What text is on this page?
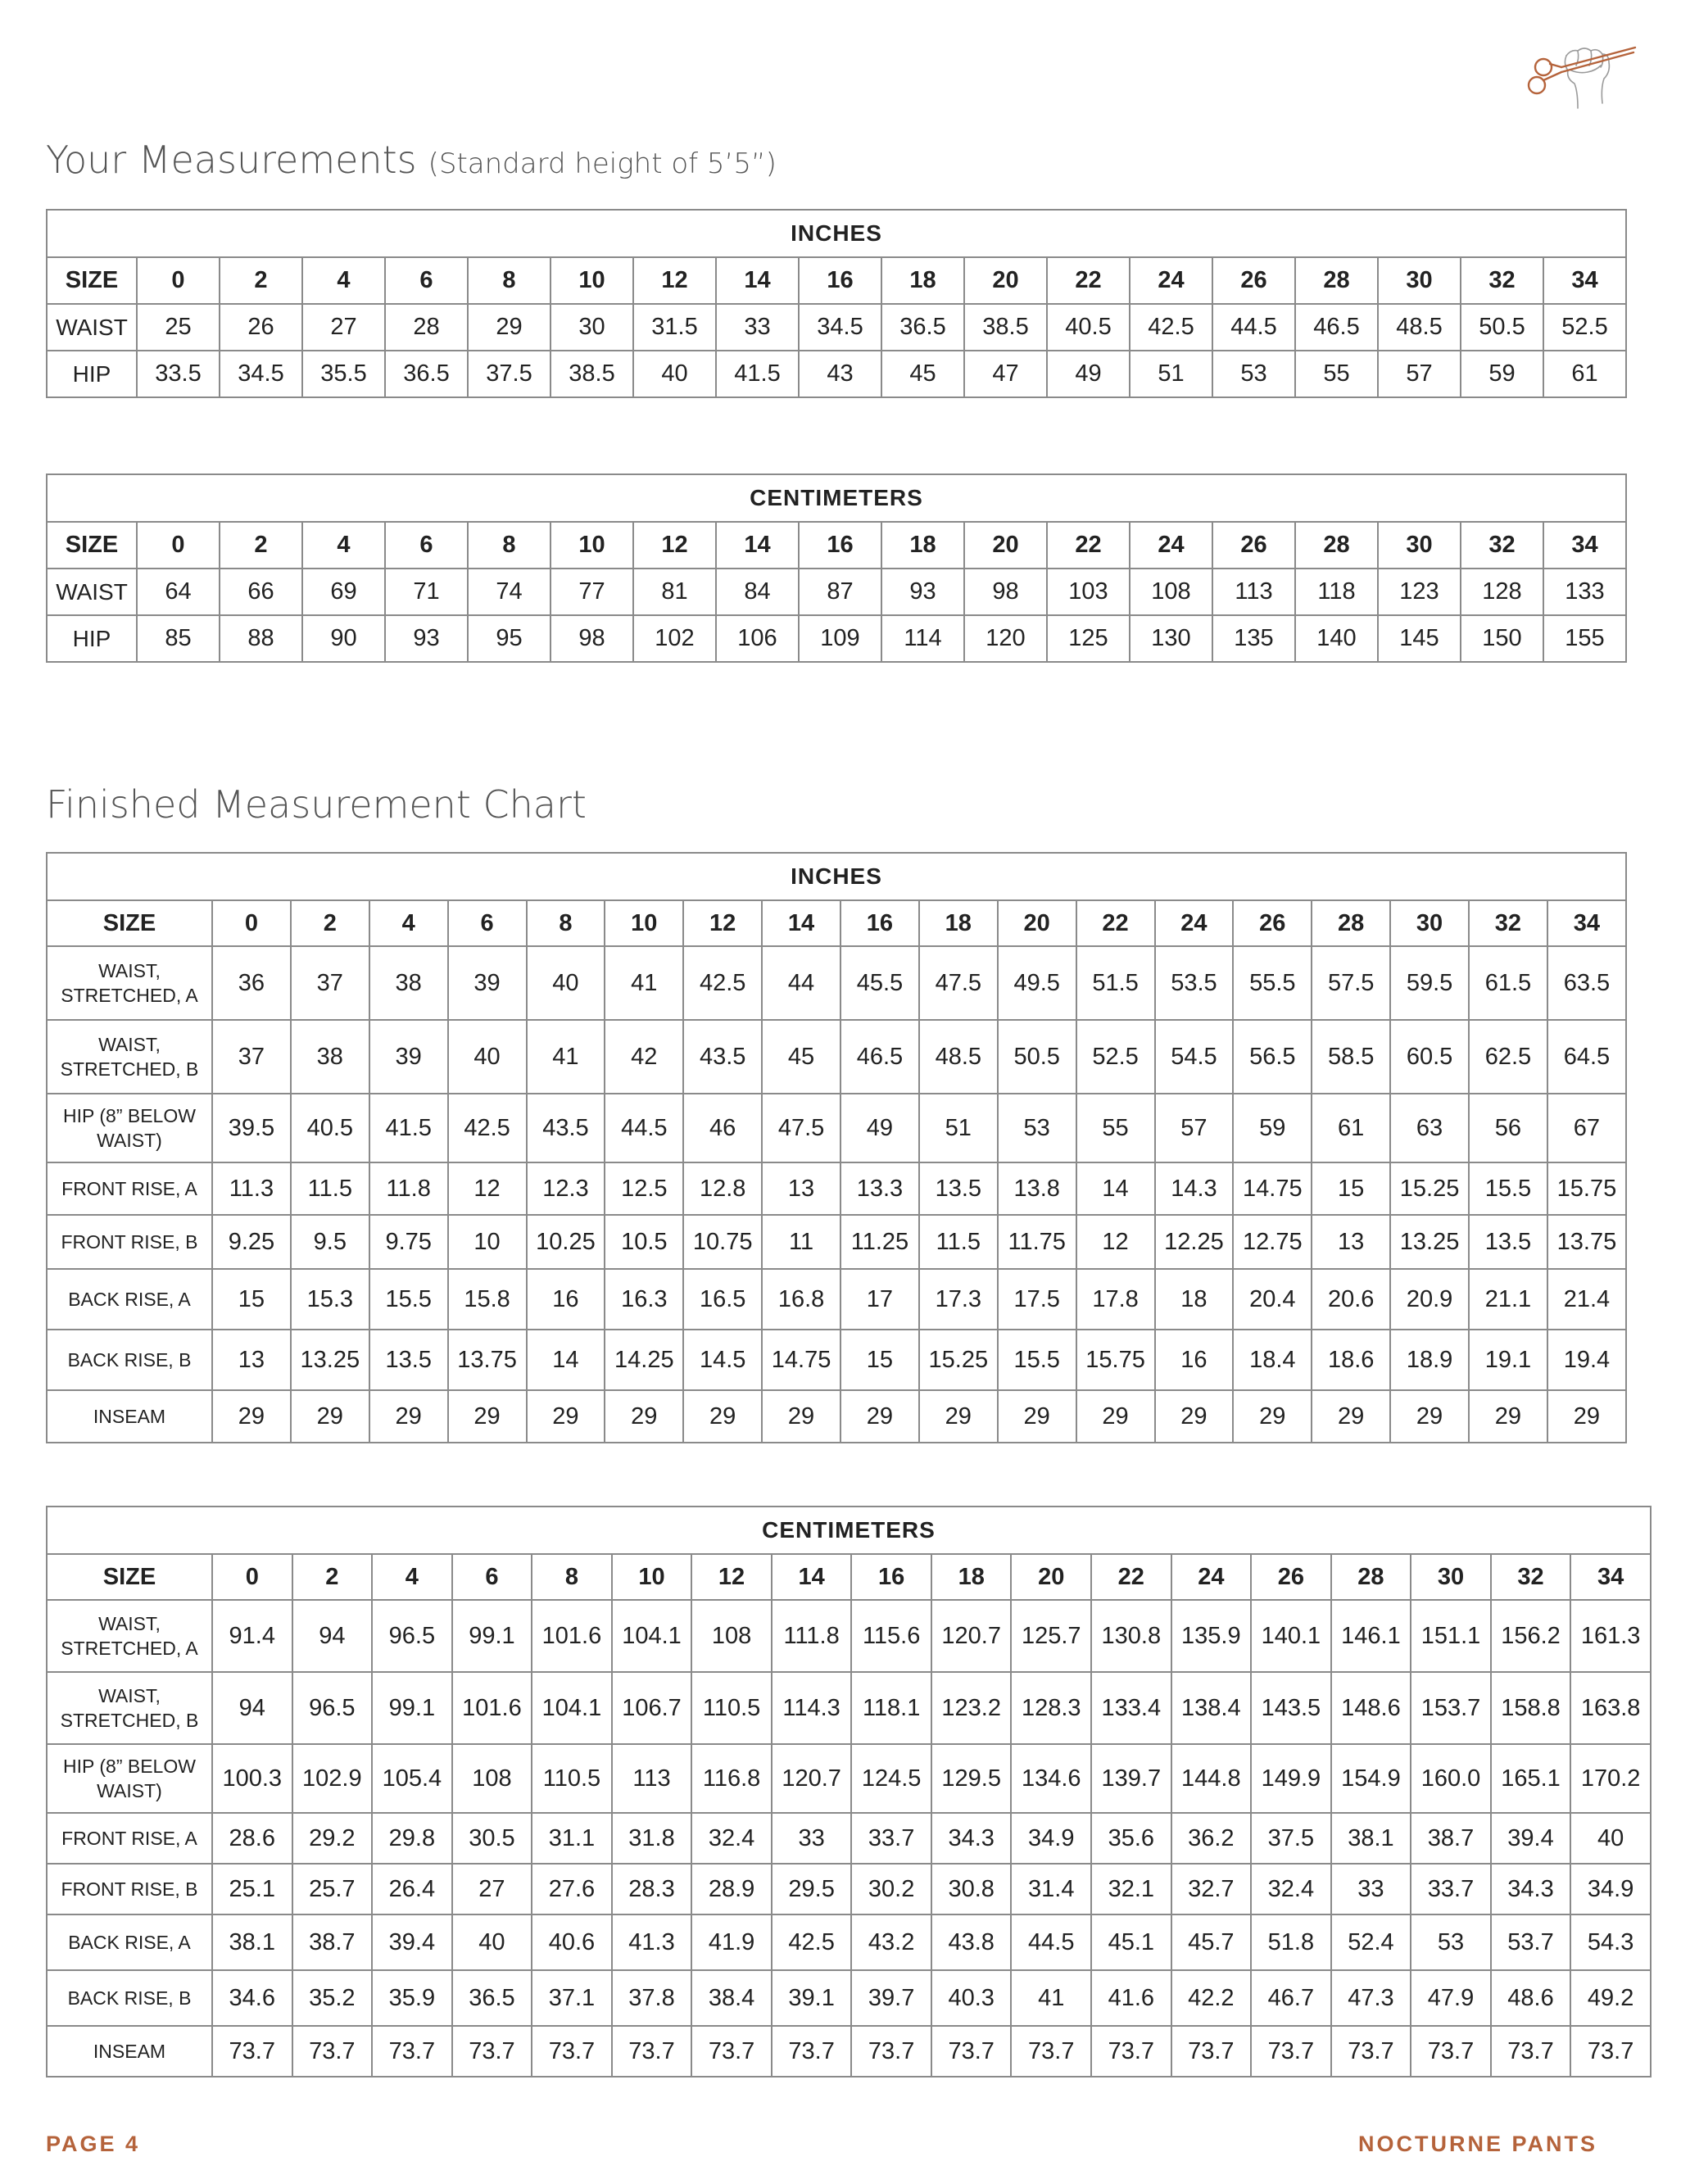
Your Measurements (Standard height of 5’5”)
INCHES																		
SIZE	0	2	4	6	8	10	12	14	16	18	20	22	24	26	28	30	32	34
WAIST	25	26	27	28	29	30	31.5	33	34.5	36.5	38.5	40.5	42.5	44.5	46.5	48.5	50.5	52.5
HIP	33.5	34.5	35.5	36.5	37.5	38.5	40	41.5	43	45	47	49	51	53	55	57	59	61
CENTIMETERS																		
SIZE	0	2	4	6	8	10	12	14	16	18	20	22	24	26	28	30	32	34
WAIST	64	66	69	71	74	77	81	84	87	93	98	103	108	113	118	123	128	133
HIP	85	88	90	93	95	98	102	106	109	114	120	125	130	135	140	145	150	155
Finished Measurement Chart
INCHES																		
SIZE	0	2	4	6	8	10	12	14	16	18	20	22	24	26	28	30	32	34

WAIST,
STRETCHED, A	36	37	38	39	40	41	42.5	44	45.5	47.5	49.5	51.5	53.5	55.5	57.5	59.5	61.5	63.5

WAIST,
STRETCHED, B	37	38	39	40	41	42	43.5	45	46.5	48.5	50.5	52.5	54.5	56.5	58.5	60.5	62.5	64.5

HIP (8” BELOW
WAIST)	39.5	40.5	41.5	42.5	43.5	44.5	46	47.5	49	51	53	55	57	59	61	63	56	67

FRONT RISE, A	11.3	11.5	11.8	12	12.3	12.5	12.8	13	13.3	13.5	13.8	14	14.3	14.75	15	15.25	15.5	15.75

FRONT RISE, B	9.25	9.5	9.75	10	10.25	10.5	10.75	11	11.25	11.5	11.75	12	12.25	12.75	13	13.25	13.5	13.75

BACK RISE, A	15	15.3	15.5	15.8	16	16.3	16.5	16.8	17	17.3	17.5	17.8	18	20.4	20.6	20.9	21.1	21.4

BACK RISE, B	13	13.25	13.5	13.75	14	14.25	14.5	14.75	15	15.25	15.5	15.75	16	18.4	18.6	18.9	19.1	19.4

INSEAM	29	29	29	29	29	29	29	29	29	29	29	29	29	29	29	29	29	29
CENTIMETERS																		
SIZE	0	2	4	6	8	10	12	14	16	18	20	22	24	26	28	30	32	34

WAIST,
STRETCHED, A	91.4	94	96.5	99.1	101.6	104.1	108	111.8	115.6	120.7	125.7	130.8	135.9	140.1	146.1	151.1	156.2	161.3

WAIST,
STRETCHED, B	94	96.5	99.1	101.6	104.1	106.7	110.5	114.3	118.1	123.2	128.3	133.4	138.4	143.5	148.6	153.7	158.8	163.8

HIP (8” BELOW
WAIST)	100.3	102.9	105.4	108	110.5	113	116.8	120.7	124.5	129.5	134.6	139.7	144.8	149.9	154.9	160.0	165.1	170.2

FRONT RISE, A	28.6	29.2	29.8	30.5	31.1	31.8	32.4	33	33.7	34.3	34.9	35.6	36.2	37.5	38.1	38.7	39.4	40

FRONT RISE, B	25.1	25.7	26.4	27	27.6	28.3	28.9	29.5	30.2	30.8	31.4	32.1	32.7	32.4	33	33.7	34.3	34.9

BACK RISE, A	38.1	38.7	39.4	40	40.6	41.3	41.9	42.5	43.2	43.8	44.5	45.1	45.7	51.8	52.4	53	53.7	54.3

BACK RISE, B	34.6	35.2	35.9	36.5	37.1	37.8	38.4	39.1	39.7	40.3	41	41.6	42.2	46.7	47.3	47.9	48.6	49.2

INSEAM	73.7	73.7	73.7	73.7	73.7	73.7	73.7	73.7	73.7	73.7	73.7	73.7	73.7	73.7	73.7	73.7	73.7	73.7
PAGE 4	NOCTURNE PANTS
